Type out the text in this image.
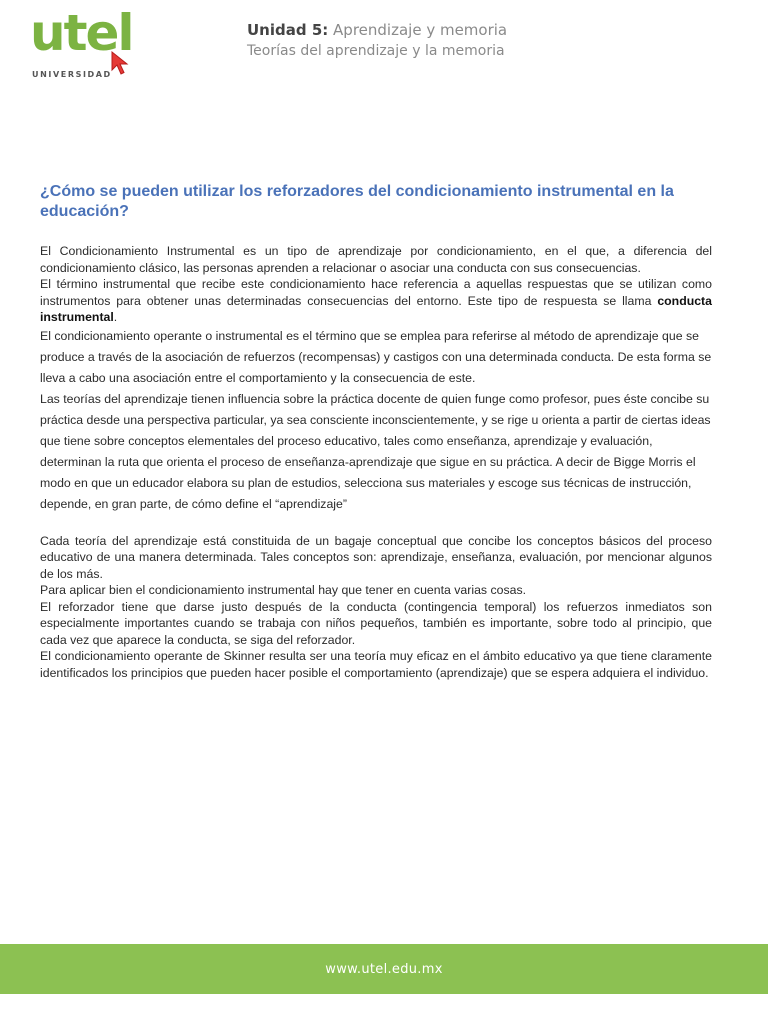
utel
UNIVERSIDAD
Unidad 5: Aprendizaje y memoria
Teorías del aprendizaje y la memoria
¿Cómo se pueden utilizar los reforzadores del condicionamiento instrumental en la educación?

El Condicionamiento Instrumental es un tipo de aprendizaje por condicionamiento, en el que, a diferencia del condicionamiento clásico, las personas aprenden a relacionar o asociar una conducta con sus consecuencias.

El término instrumental que recibe este condicionamiento hace referencia a aquellas respuestas que se utilizan como instrumentos para obtener unas determinadas consecuencias del entorno. Este tipo de respuesta se llama conducta instrumental.

El condicionamiento operante o instrumental es el término que se emplea para referirse al método de aprendizaje que se produce a través de la asociación de refuerzos (recompensas) y castigos con una determinada conducta. De esta forma se lleva a cabo una asociación entre el comportamiento y la consecuencia de este.

Las teorías del aprendizaje tienen influencia sobre la práctica docente de quien funge como profesor, pues éste concibe su práctica desde una perspectiva particular, ya sea consciente inconscientemente, y se rige u orienta a partir de ciertas ideas que tiene sobre conceptos elementales del proceso educativo, tales como enseñanza, aprendizaje y evaluación, determinan la ruta que orienta el proceso de enseñanza-aprendizaje que sigue en su práctica. A decir de Bigge Morris el modo en que un educador elabora su plan de estudios, selecciona sus materiales y escoge sus técnicas de instrucción, depende, en gran parte, de cómo define el “aprendizaje”

Cada teoría del aprendizaje está constituida de un bagaje conceptual que concibe los conceptos básicos del proceso educativo de una manera determinada. Tales conceptos son: aprendizaje, enseñanza, evaluación, por mencionar algunos de los más.

Para aplicar bien el condicionamiento instrumental hay que tener en cuenta varias cosas.

El reforzador tiene que darse justo después de la conducta (contingencia temporal) los refuerzos inmediatos son especialmente importantes cuando se trabaja con niños pequeños, también es importante, sobre todo al principio, que cada vez que aparece la conducta, se siga del reforzador.

El condicionamiento operante de Skinner resulta ser una teoría muy eficaz en el ámbito educativo ya que tiene claramente identificados los principios que pueden hacer posible el comportamiento (aprendizaje) que se espera adquiera el individuo.

www.utel.edu.mx
